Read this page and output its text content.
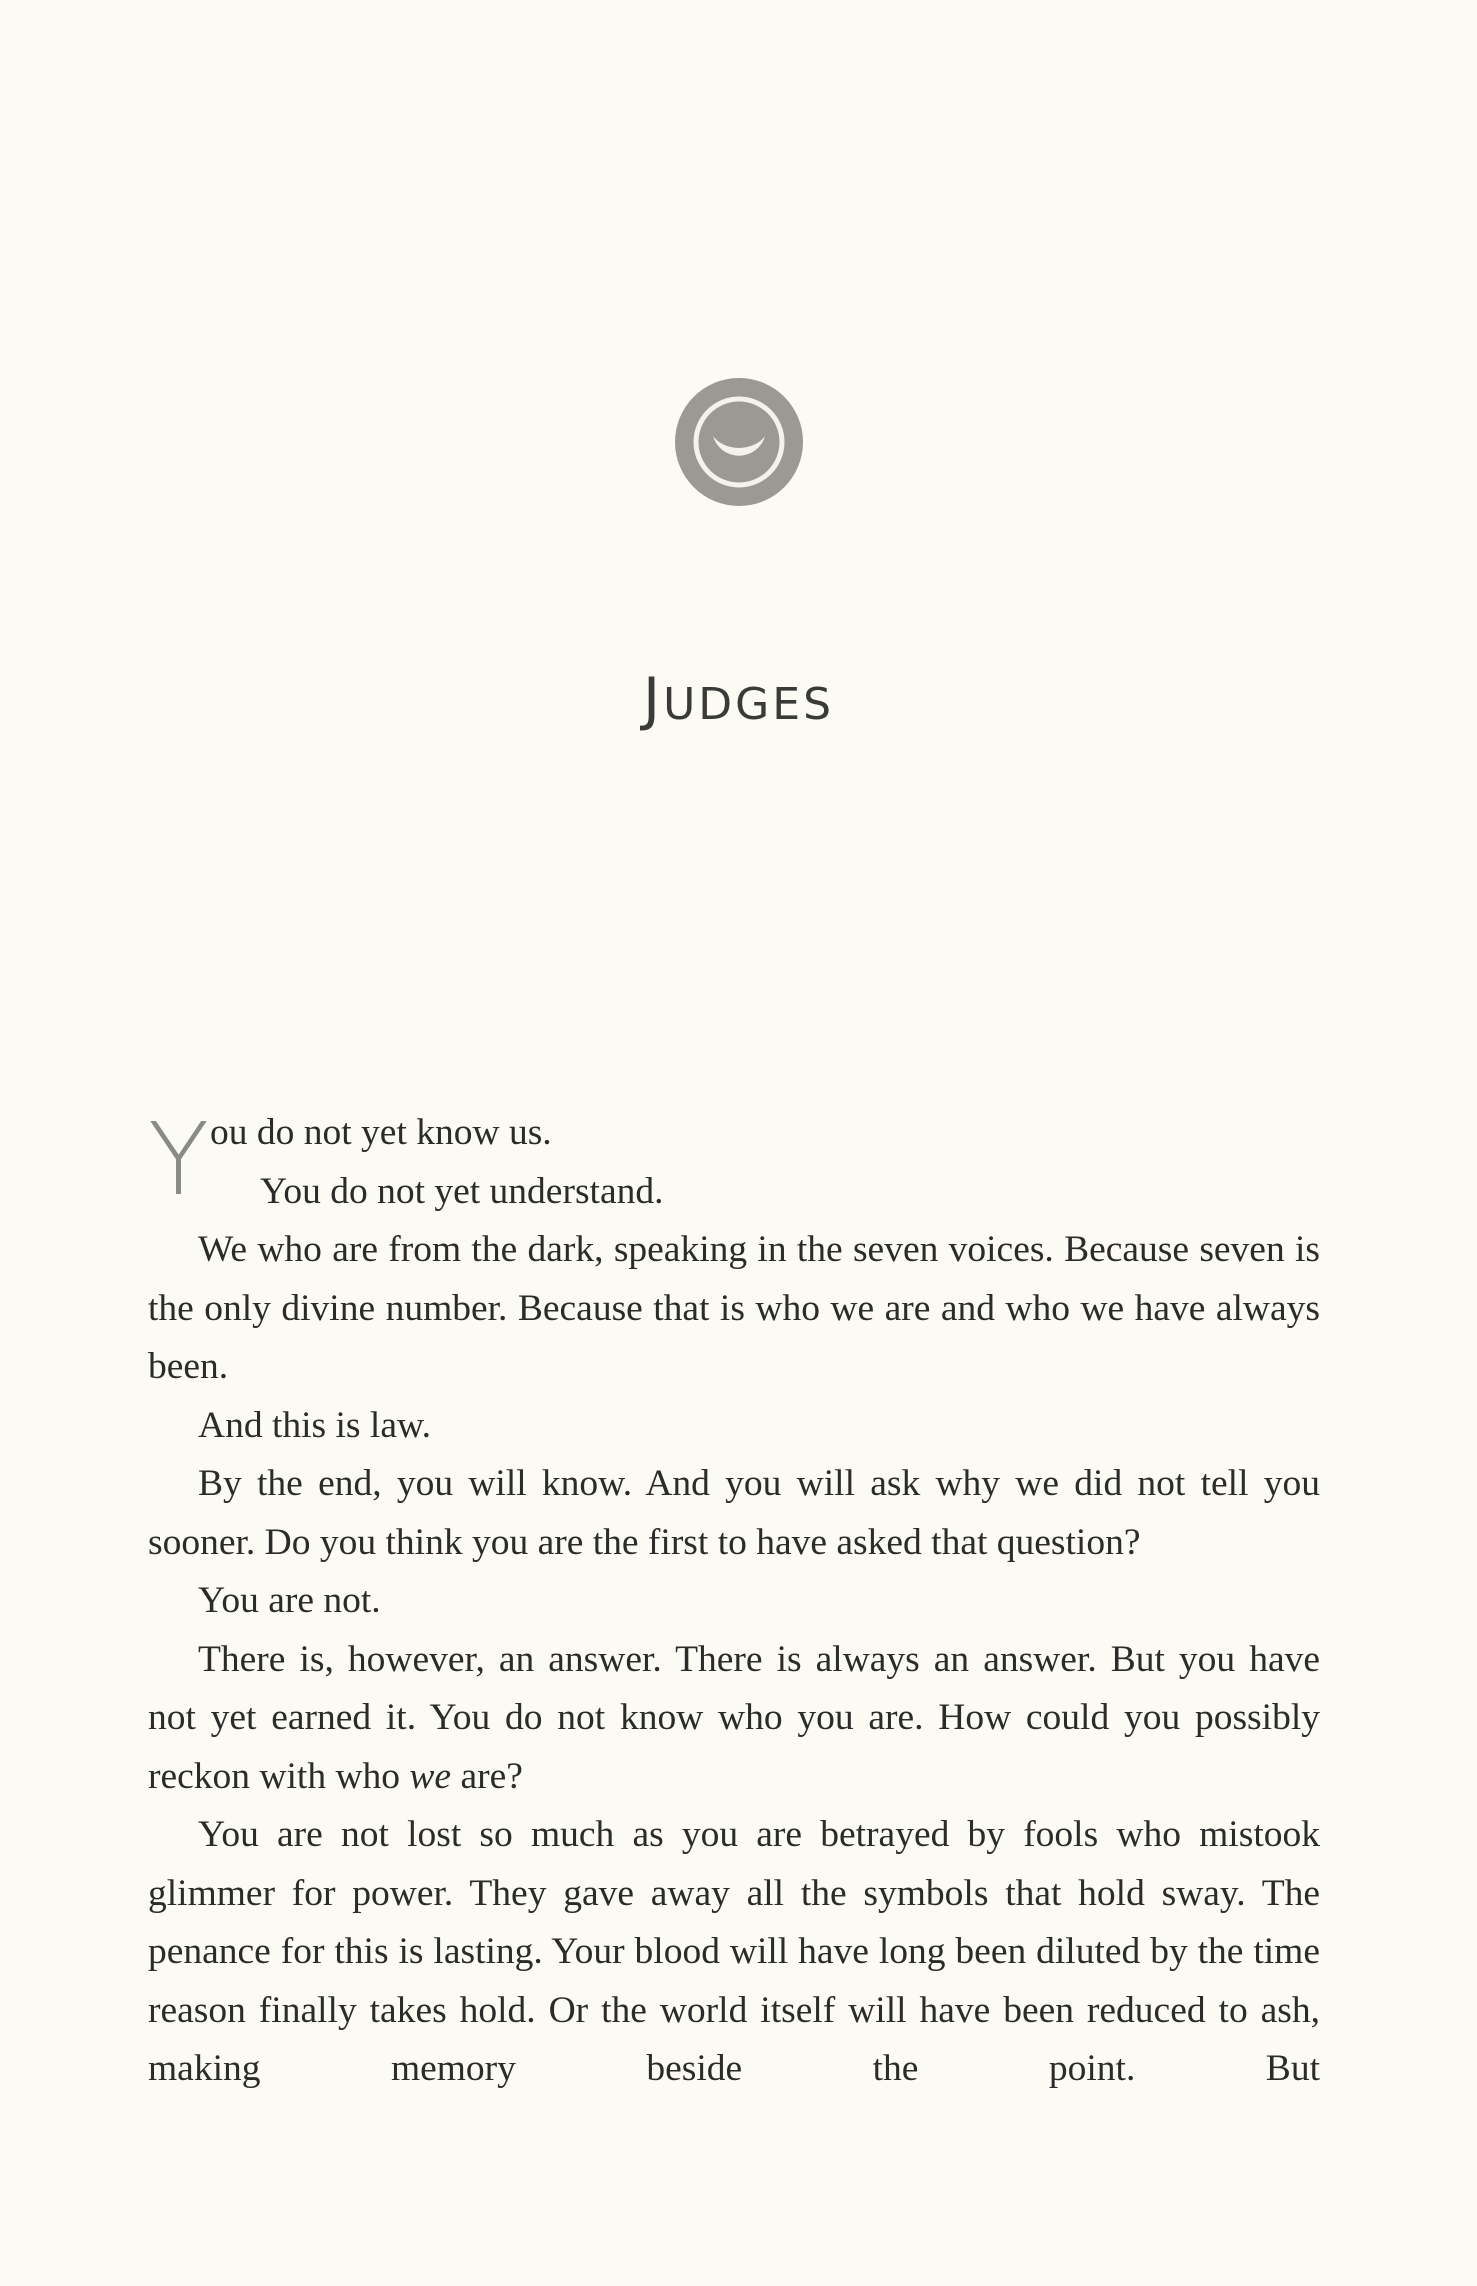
JUDGES

Y ou do not yet know us.

You do not yet understand.

We who are from the dark, speaking in the seven voices. Because seven is the only divine number. Because that is who we are and who we have always been.

And this is law.

By the end, you will know. And you will ask why we did not tell you sooner. Do you think you are the first to have asked that question?

You are not.

There is, however, an answer. There is always an answer. But you have not yet earned it. You do not know who you are. How could you possibly reckon with who we are?

You are not lost so much as you are betrayed by fools who mistook glimmer for power. They gave away all the symbols that hold sway. The penance for this is lasting. Your blood will have long been diluted by the time reason finally takes hold. Or the world itself will have been reduced to ash, making memory beside the point. But
